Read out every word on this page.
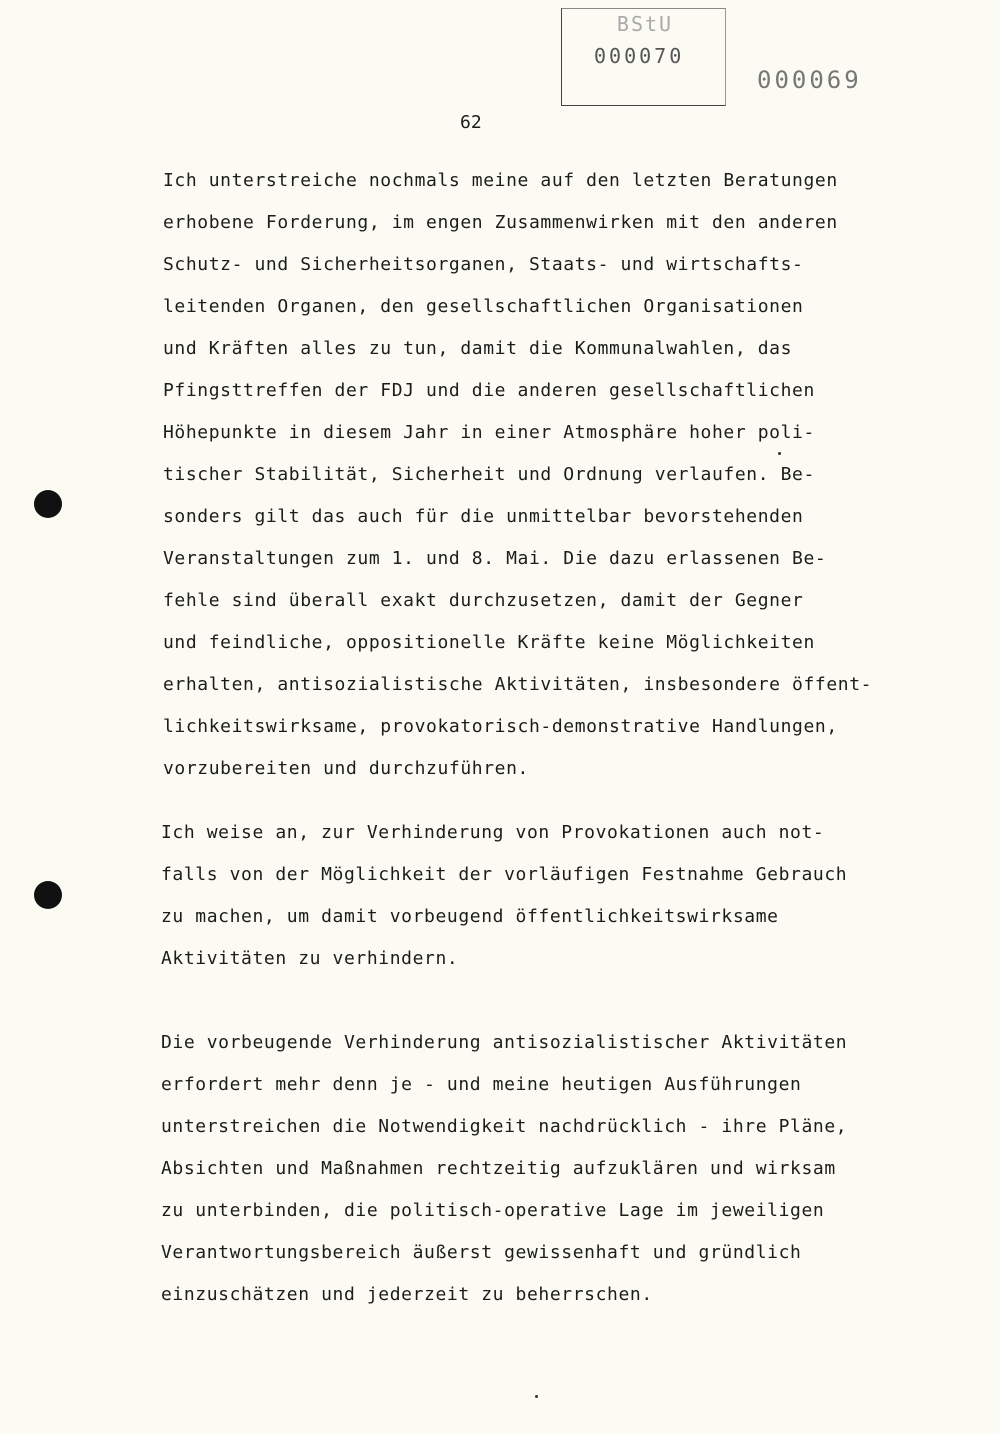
BStU
000070
000069
62
Ich unterstreiche nochmals meine auf den letzten Beratungen
erhobene Forderung, im engen Zusammenwirken mit den anderen
Schutz- und Sicherheitsorganen, Staats- und wirtschafts-
leitenden Organen, den gesellschaftlichen Organisationen
und Kräften alles zu tun, damit die Kommunalwahlen, das
Pfingsttreffen der FDJ und die anderen gesellschaftlichen
Höhepunkte in diesem Jahr in einer Atmosphäre hoher poli-
tischer Stabilität, Sicherheit und Ordnung verlaufen. Be-
sonders gilt das auch für die unmittelbar bevorstehenden
Veranstaltungen zum 1. und 8. Mai. Die dazu erlassenen Be-
fehle sind überall exakt durchzusetzen, damit der Gegner
und feindliche, oppositionelle Kräfte keine Möglichkeiten
erhalten, antisozialistische Aktivitäten, insbesondere öffent-
lichkeitswirksame, provokatorisch-demonstrative Handlungen,
vorzubereiten und durchzuführen.
Ich weise an, zur Verhinderung von Provokationen auch not-
falls von der Möglichkeit der vorläufigen Festnahme Gebrauch
zu machen, um damit vorbeugend öffentlichkeitswirksame
Aktivitäten zu verhindern.
Die vorbeugende Verhinderung antisozialistischer Aktivitäten
erfordert mehr denn je - und meine heutigen Ausführungen
unterstreichen die Notwendigkeit nachdrücklich - ihre Pläne,
Absichten und Maßnahmen rechtzeitig aufzuklären und wirksam
zu unterbinden, die politisch-operative Lage im jeweiligen
Verantwortungsbereich äußerst gewissenhaft und gründlich
einzuschätzen und jederzeit zu beherrschen.
